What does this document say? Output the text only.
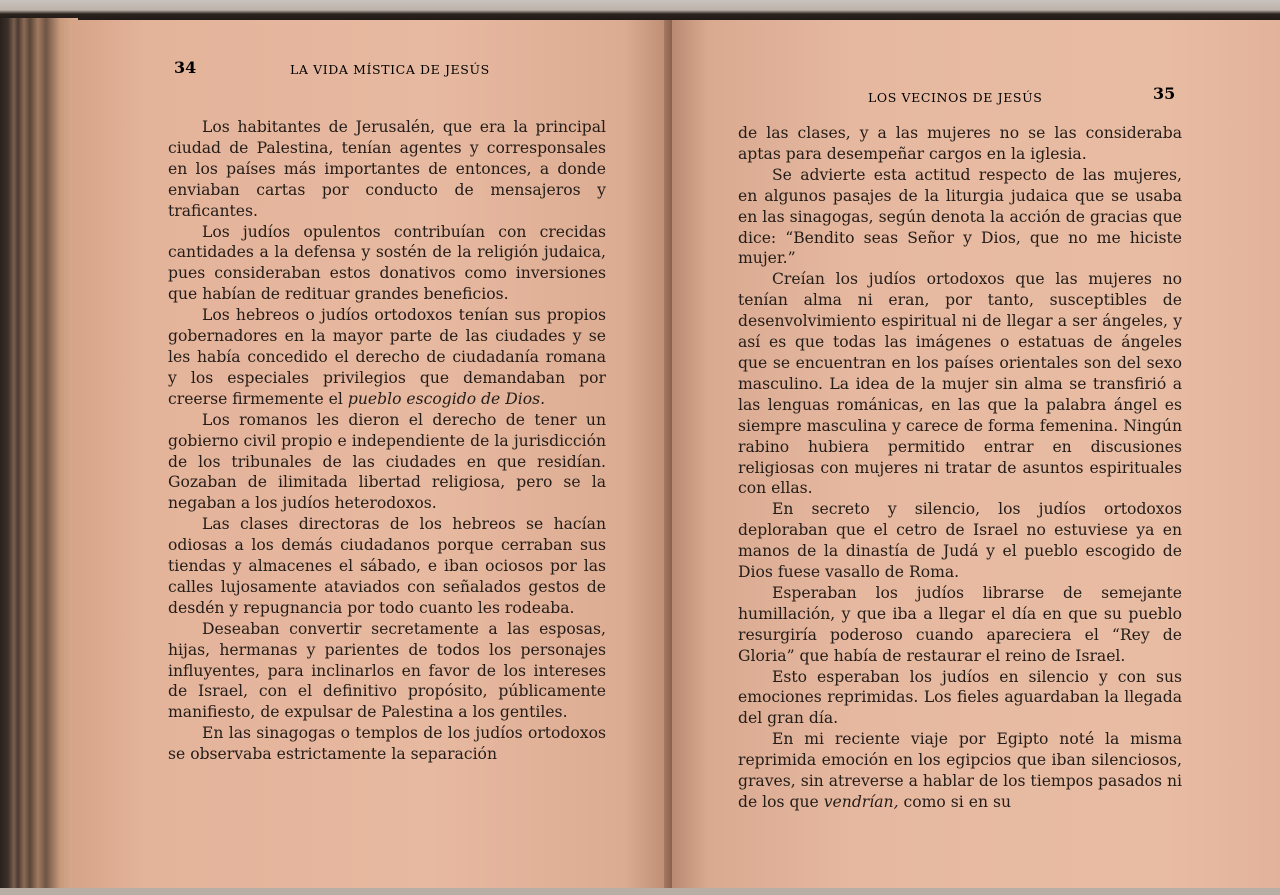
34	LA VIDA MÍSTICA DE JESÚS

Los habitantes de Jerusalén, que era la principal ciudad de Palestina, tenían agentes y corresponsales en los países más importantes de entonces, a donde enviaban cartas por conducto de mensajeros y traficantes.

Los judíos opulentos contribuían con crecidas cantidades a la defensa y sostén de la religión judaica, pues consideraban estos donativos como inversiones que habían de redituar grandes beneficios.

Los hebreos o judíos ortodoxos tenían sus propios gobernadores en la mayor parte de las ciudades y se les había concedido el derecho de ciudadanía romana y los especiales privilegios que demandaban por creerse firmemente el pueblo escogido de Dios.

Los romanos les dieron el derecho de tener un gobierno civil propio e independiente de la jurisdicción de los tribunales de las ciudades en que residían. Gozaban de ilimitada libertad religiosa, pero se la negaban a los judíos heterodoxos.

Las clases directoras de los hebreos se hacían odiosas a los demás ciudadanos porque cerraban sus tiendas y almacenes el sábado, e iban ociosos por las calles lujosamente ataviados con señalados gestos de desdén y repugnancia por todo cuanto les rodeaba.

Deseaban convertir secretamente a las esposas, hijas, hermanas y parientes de todos los personajes influyentes, para inclinarlos en favor de los intereses de Israel, con el definitivo propósito, públicamente manifiesto, de expulsar de Palestina a los gentiles.

En las sinagogas o templos de los judíos ortodoxos se observaba estrictamente la separación

LOS VECINOS DE JESÚS	35

de las clases, y a las mujeres no se las consideraba aptas para desempeñar cargos en la iglesia.

Se advierte esta actitud respecto de las mujeres, en algunos pasajes de la liturgia judaica que se usaba en las sinagogas, según denota la acción de gracias que dice: “Bendito seas Señor y Dios, que no me hiciste mujer.”

Creían los judíos ortodoxos que las mujeres no tenían alma ni eran, por tanto, susceptibles de desenvolvimiento espiritual ni de llegar a ser ángeles, y así es que todas las imágenes o estatuas de ángeles que se encuentran en los países orientales son del sexo masculino. La idea de la mujer sin alma se transfirió a las lenguas románicas, en las que la palabra ángel es siempre masculina y carece de forma femenina. Ningún rabino hubiera permitido entrar en discusiones religiosas con mujeres ni tratar de asuntos espirituales con ellas.

En secreto y silencio, los judíos ortodoxos deploraban que el cetro de Israel no estuviese ya en manos de la dinastía de Judá y el pueblo escogido de Dios fuese vasallo de Roma.

Esperaban los judíos librarse de semejante humillación, y que iba a llegar el día en que su pueblo resurgiría poderoso cuando apareciera el “Rey de Gloria” que había de restaurar el reino de Israel.

Esto esperaban los judíos en silencio y con sus emociones reprimidas. Los fieles aguardaban la llegada del gran día.

En mi reciente viaje por Egipto noté la misma reprimida emoción en los egipcios que iban silenciosos, graves, sin atreverse a hablar de los tiempos pasados ni de los que vendrían, como si en su
